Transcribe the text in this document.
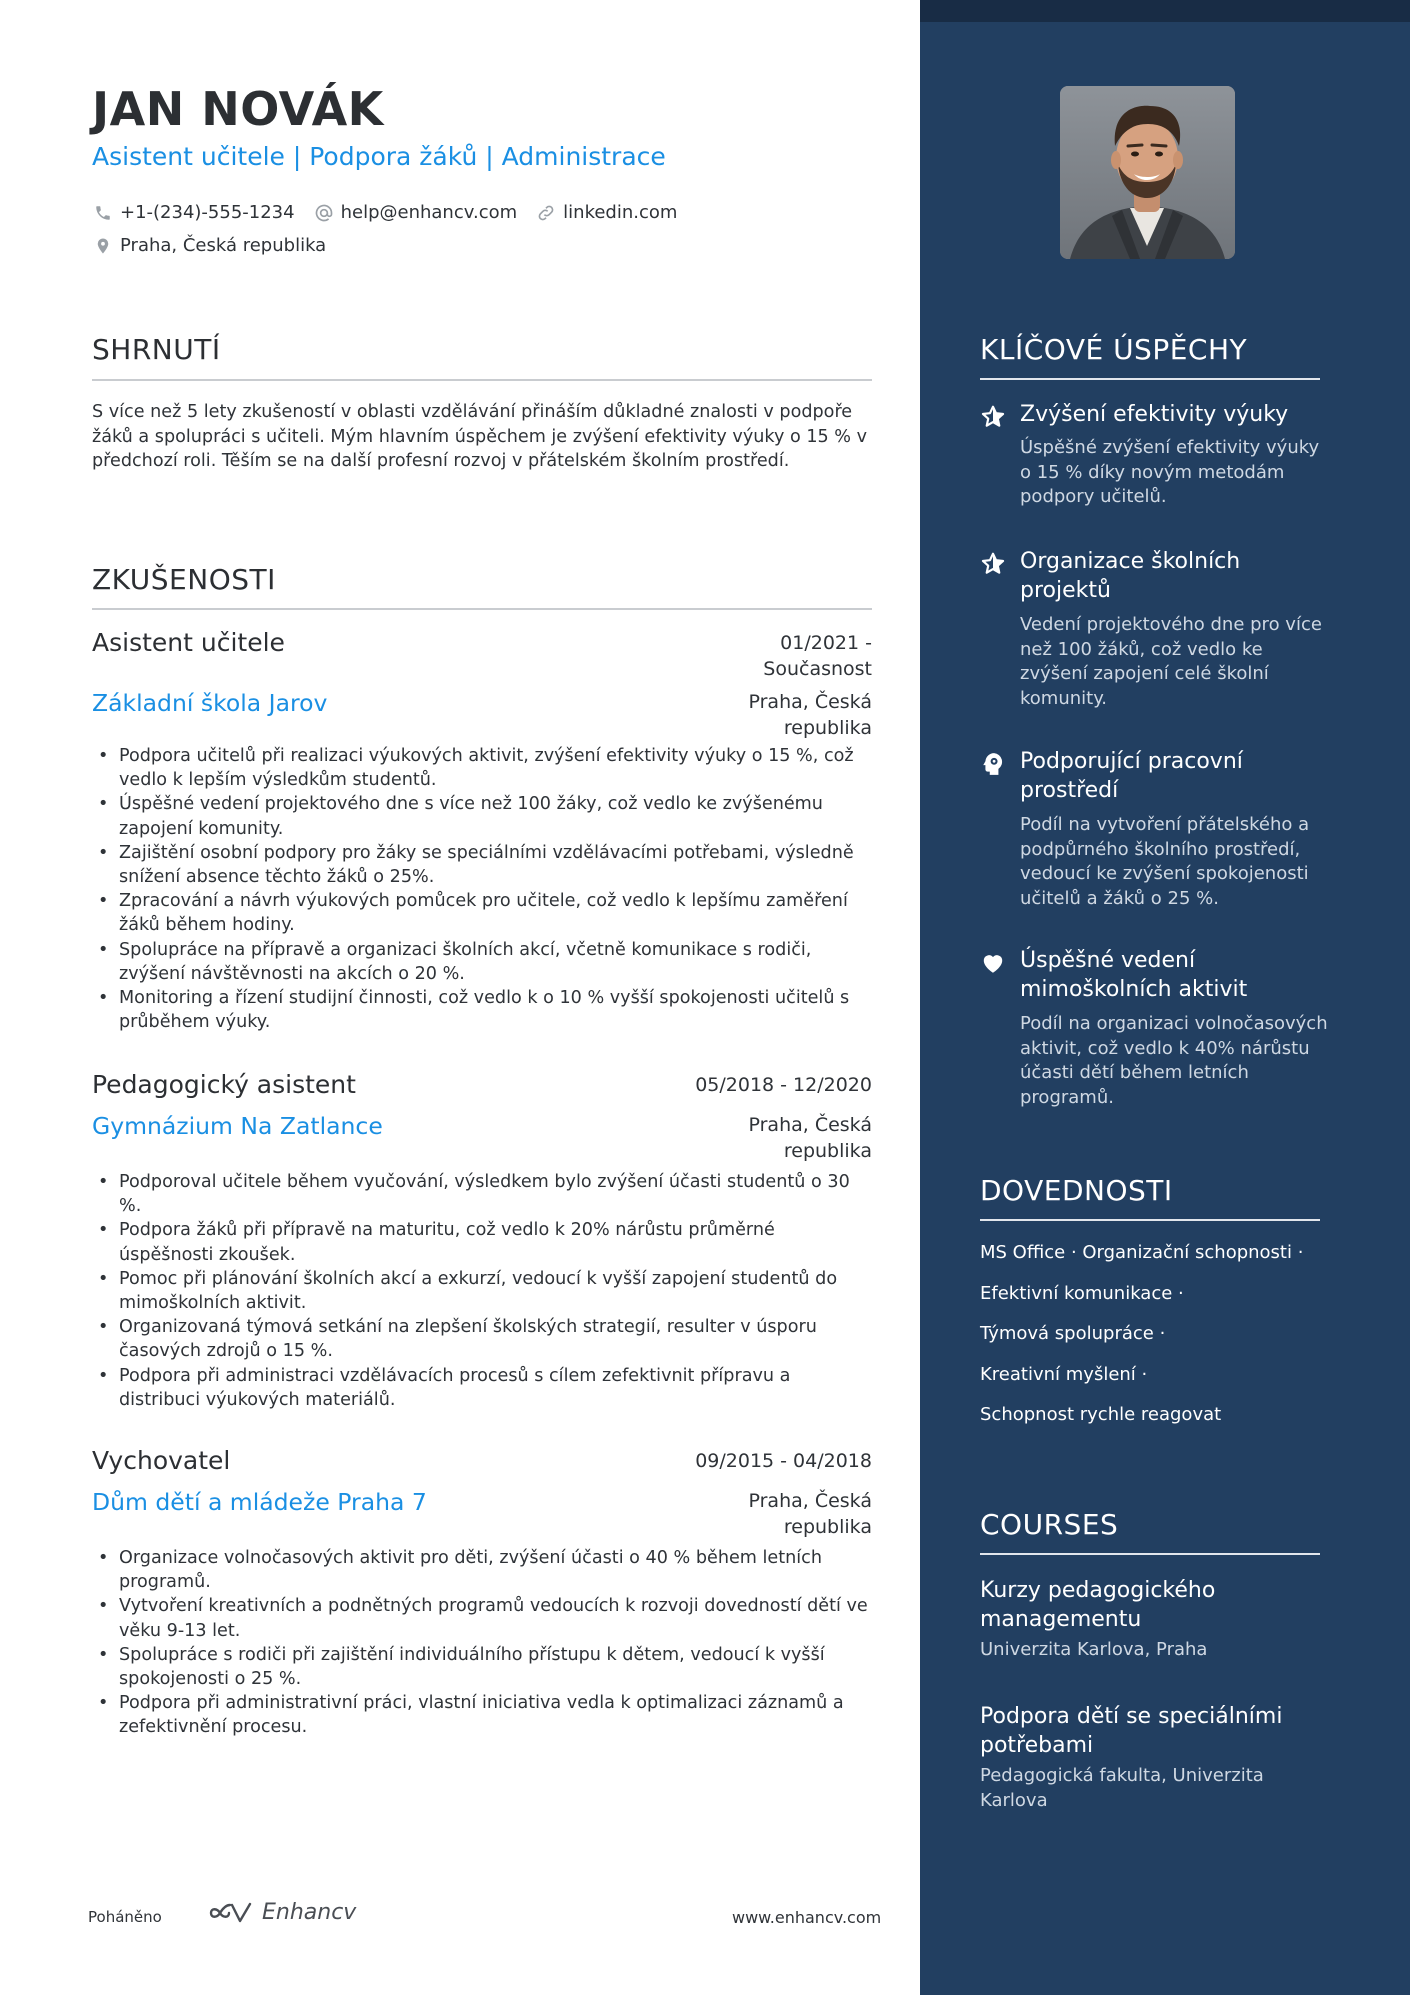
JAN NOVÁK
Asistent učitele | Podpora žáků | Administrace
+1-(234)-555-1234	help@enhancv.com	linkedin.com
Praha, Česká republika
SHRNUTÍ
S více než 5 lety zkušeností v oblasti vzdělávání přináším důkladné znalosti v podpoře žáků a spolupráci s učiteli. Mým hlavním úspěchem je zvýšení efektivity výuky o 15 % v předchozí roli. Těším se na další profesní rozvoj v přátelském školním prostředí.
ZKUŠENOSTI
Asistent učitele	01/2021 - Současnost
Základní škola Jarov	Praha, Česká republika
• Podpora učitelů při realizaci výukových aktivit, zvýšení efektivity výuky o 15 %, což vedlo k lepším výsledkům studentů.
• Úspěšné vedení projektového dne s více než 100 žáky, což vedlo ke zvýšenému zapojení komunity.
• Zajištění osobní podpory pro žáky se speciálními vzdělávacími potřebami, výsledně snížení absence těchto žáků o 25%.
• Zpracování a návrh výukových pomůcek pro učitele, což vedlo k lepšímu zaměření žáků během hodiny.
• Spolupráce na přípravě a organizaci školních akcí, včetně komunikace s rodiči, zvýšení návštěvnosti na akcích o 20 %.
• Monitoring a řízení studijní činnosti, což vedlo k o 10 % vyšší spokojenosti učitelů s průběhem výuky.
Pedagogický asistent	05/2018 - 12/2020
Gymnázium Na Zatlance	Praha, Česká republika
• Podporoval učitele během vyučování, výsledkem bylo zvýšení účasti studentů o 30 %.
• Podpora žáků při přípravě na maturitu, což vedlo k 20% nárůstu průměrné úspěšnosti zkoušek.
• Pomoc při plánování školních akcí a exkurzí, vedoucí k vyšší zapojení studentů do mimoškolních aktivit.
• Organizovaná týmová setkání na zlepšení školských strategií, resulter v úsporu časových zdrojů o 15 %.
• Podpora při administraci vzdělávacích procesů s cílem zefektivnit přípravu a distribuci výukových materiálů.
Vychovatel	09/2015 - 04/2018
Dům dětí a mládeže Praha 7	Praha, Česká republika
• Organizace volnočasových aktivit pro děti, zvýšení účasti o 40 % během letních programů.
• Vytvoření kreativních a podnětných programů vedoucích k rozvoji dovedností dětí ve věku 9-13 let.
• Spolupráce s rodiči při zajištění individuálního přístupu k dětem, vedoucí k vyšší spokojenosti o 25 %.
• Podpora při administrativní práci, vlastní iniciativa vedla k optimalizaci záznamů a zefektivnění procesu.
Poháněno	Enhancv	www.enhancv.com
KLÍČOVÉ ÚSPĚCHY
Zvýšení efektivity výuky
Úspěšné zvýšení efektivity výuky o 15 % díky novým metodám podpory učitelů.
Organizace školních projektů
Vedení projektového dne pro více než 100 žáků, což vedlo ke zvýšení zapojení celé školní komunity.
Podporující pracovní prostředí
Podíl na vytvoření přátelského a podpůrného školního prostředí, vedoucí ke zvýšení spokojenosti učitelů a žáků o 25 %.
Úspěšné vedení mimoškolních aktivit
Podíl na organizaci volnočasových aktivit, což vedlo k 40% nárůstu účasti dětí během letních programů.
DOVEDNOSTI
MS Office · Organizační schopnosti ·
Efektivní komunikace ·
Týmová spolupráce ·
Kreativní myšlení ·
Schopnost rychle reagovat
COURSES
Kurzy pedagogického managementu
Univerzita Karlova, Praha
Podpora dětí se speciálními potřebami
Pedagogická fakulta, Univerzita Karlova
